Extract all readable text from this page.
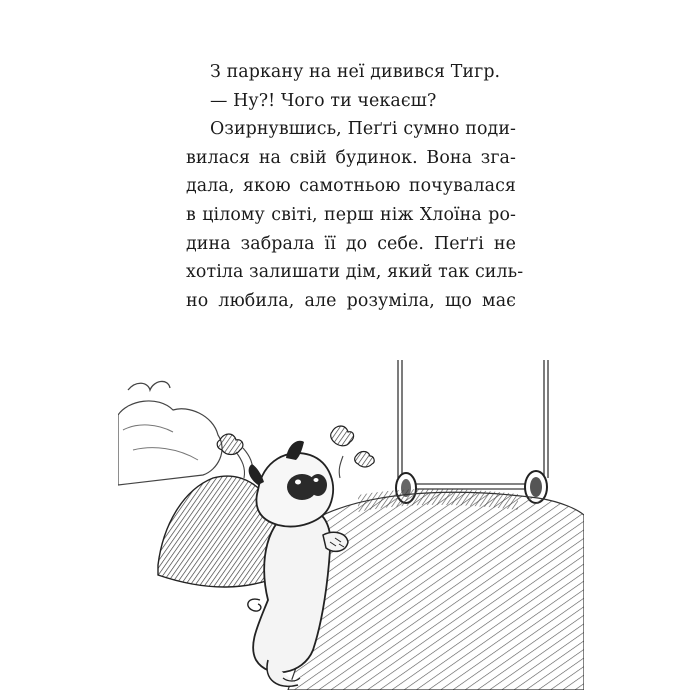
З паркану на неї дивився Тигр.
— Ну?! Чого ти чекаєш?
Озирнувшись, Пеґґі сумно поди-
вилася на свій будинок. Вона зга-
дала, якою самотньою почувалася
в цілому світі, перш ніж Хлоїна ро-
дина забрала її до себе. Пеґґі не
хотіла залишати дім, який так силь-
но любила, але розуміла, що має
